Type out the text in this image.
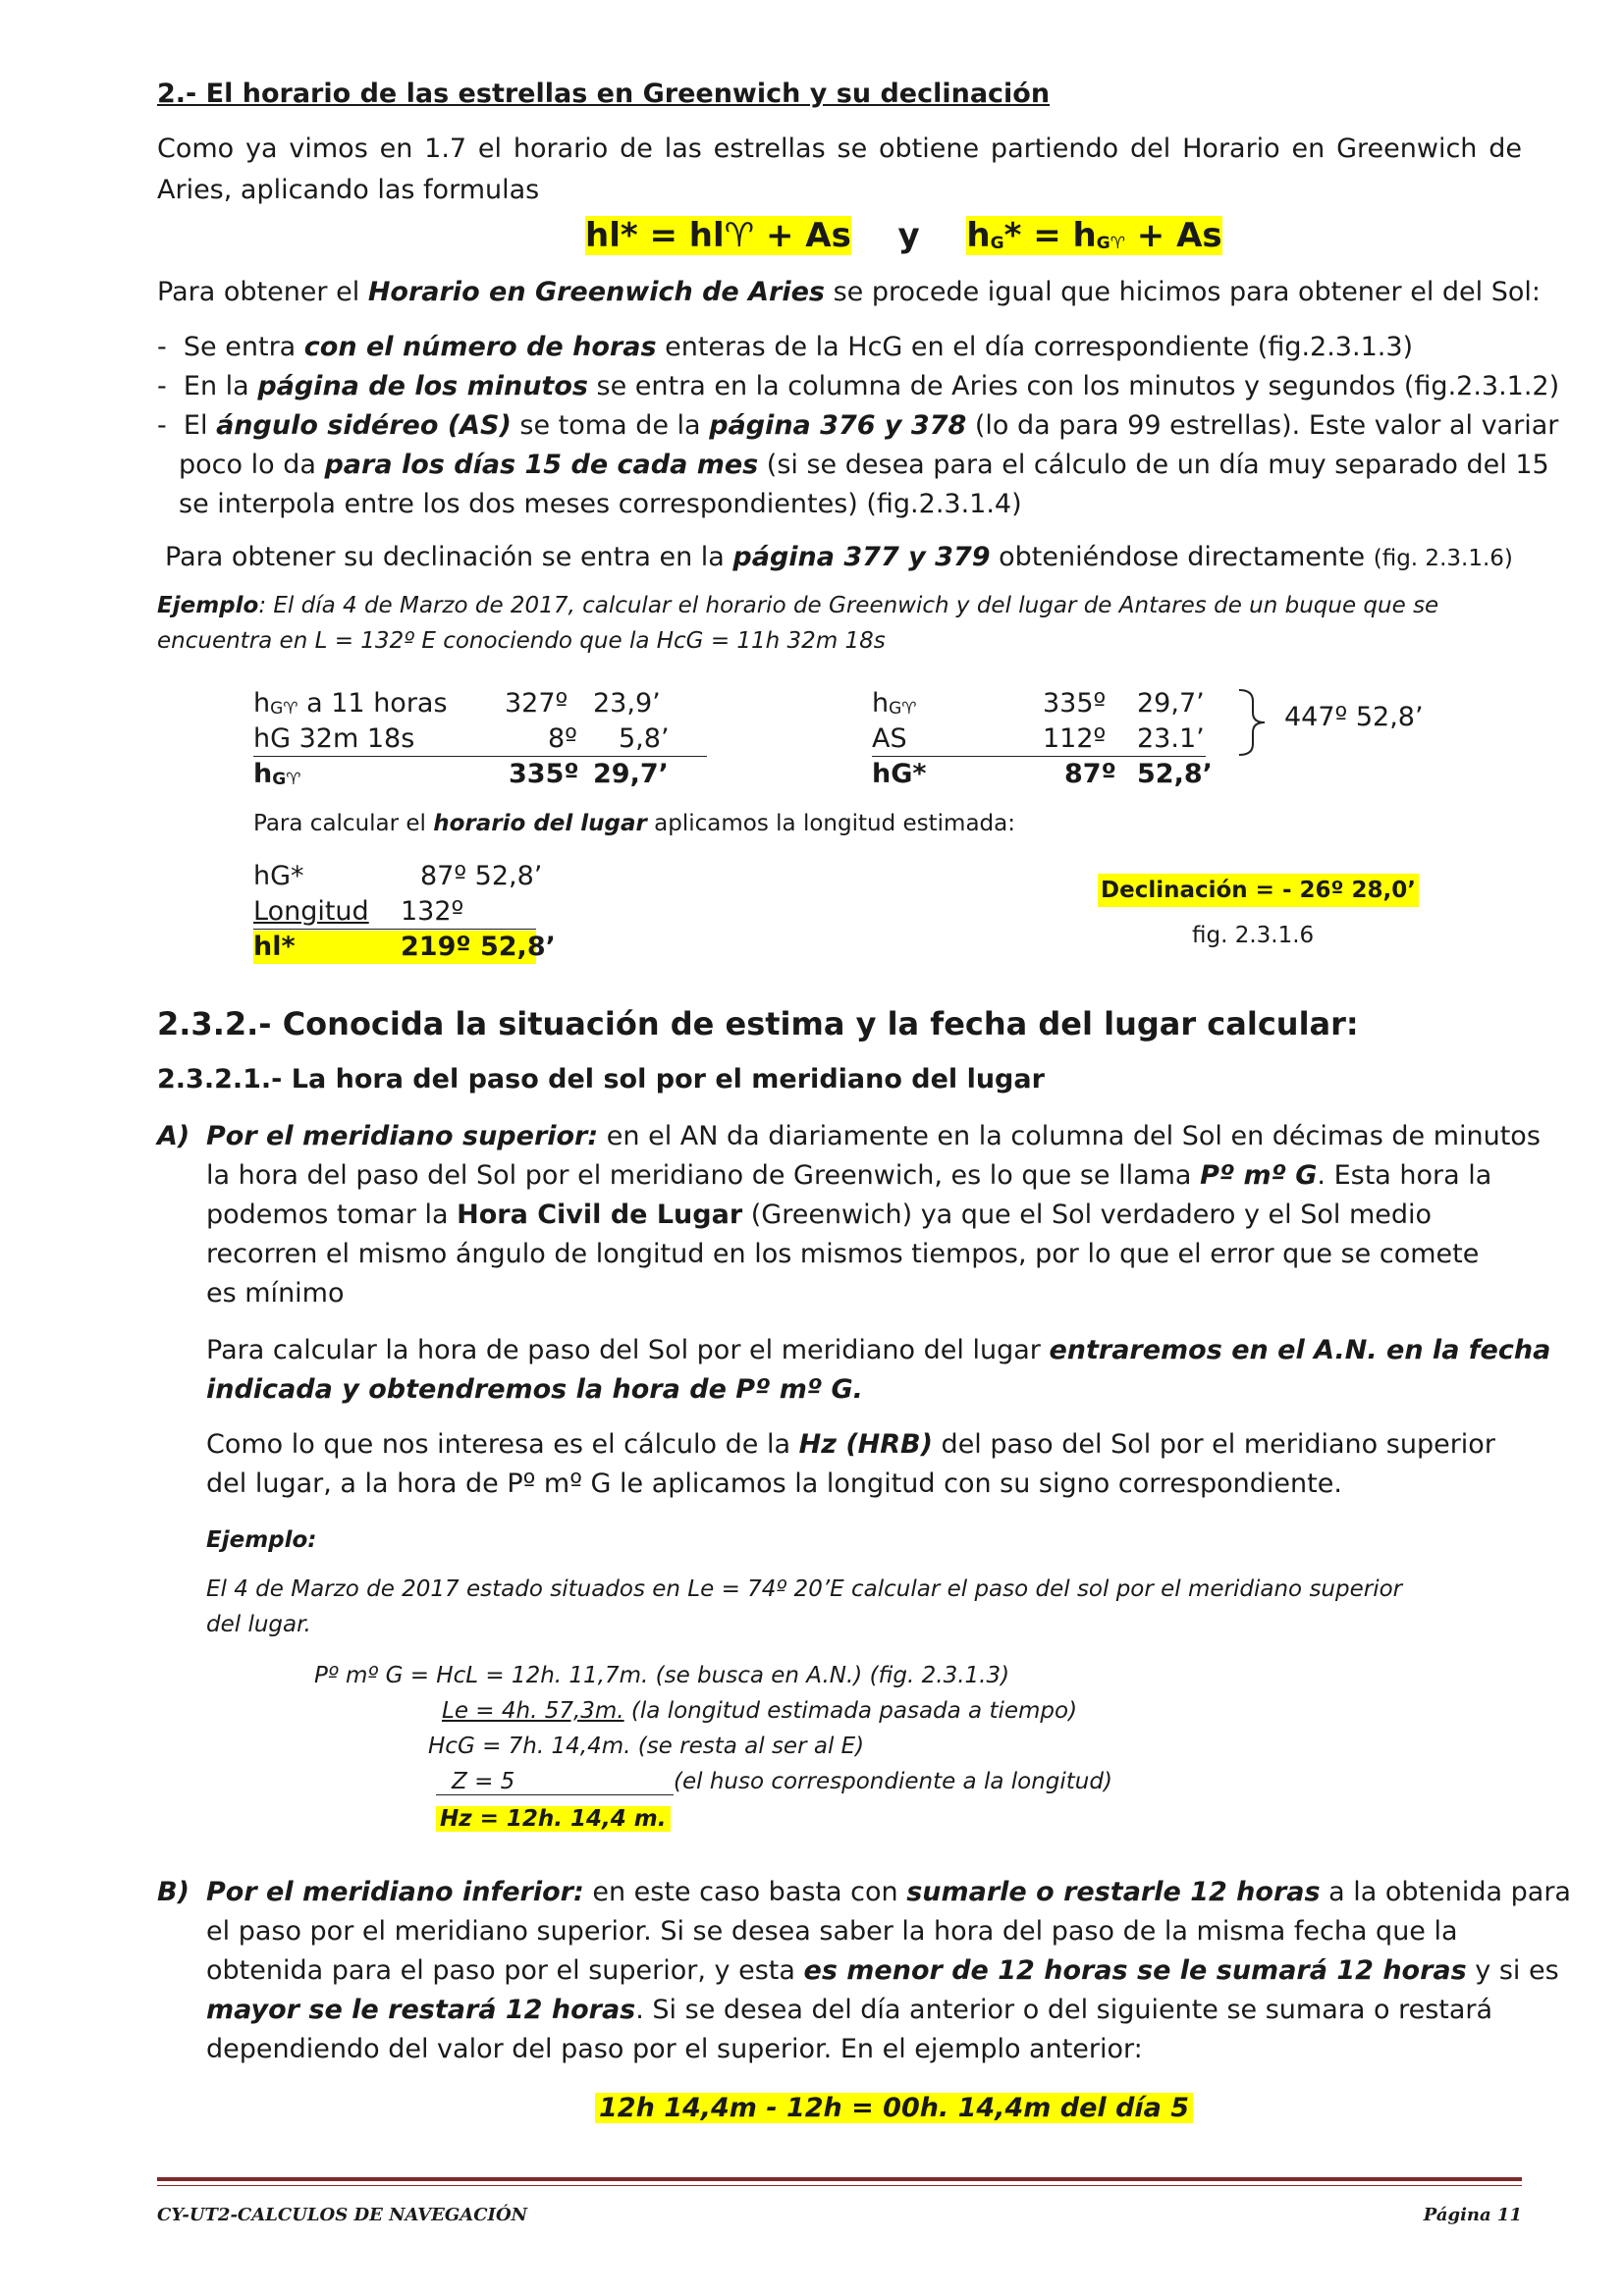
2.- El horario de las estrellas en Greenwich y su declinación

Como ya vimos en 1.7 el horario de las estrellas se obtiene partiendo del Horario en Greenwich de

Aries, aplicando las formulas
hl* = hl♈ + As y hG* = hG♈ + As
Para obtener el Horario en Greenwich de Aries se procede igual que hicimos para obtener el del Sol:
-  Se entra con el número de horas enteras de la HcG en el día correspondiente (fig.2.3.1.3)
-  En la página de los minutos se entra en la columna de Aries con los minutos y segundos (fig.2.3.1.2)
-  El ángulo sidéreo (AS) se toma de la página 376 y 378 (lo da para 99 estrellas). Este valor al variar
poco lo da para los días 15 de cada mes (si se desea para el cálculo de un día muy separado del 15
se interpola entre los dos meses correspondientes) (fig.2.3.1.4)
Para obtener su declinación se entra en la página 377 y 379 obteniéndose directamente (fig. 2.3.1.6)
Ejemplo: El día 4 de Marzo de 2017, calcular el horario de Greenwich y del lugar de Antares de un buque que se
encuentra en L = 132º E conociendo que la HcG = 11h 32m 18s
hG♈ a 11 horas 327º 23,9’
hG 32m 18s	8º 5,8’
hG♈	335º 29,7’
hG♈	335º 29,7’
AS	112º 23.1’
hG*	87º 52,8’
447º 52,8’
Para calcular el horario del lugar aplicamos la longitud estimada:
hG*	87º 52,8’
Longitud 132º
hl*	219º 52,8’
Declinación = - 26º 28,0’
fig. 2.3.1.6
2.3.2.- Conocida la situación de estima y la fecha del lugar calcular:
2.3.2.1.- La hora del paso del sol por el meridiano del lugar
A) Por el meridiano superior: en el AN da diariamente en la columna del Sol en décimas de minutos
la hora del paso del Sol por el meridiano de Greenwich, es lo que se llama Pº mº G. Esta hora la
podemos tomar la Hora Civil de Lugar (Greenwich) ya que el Sol verdadero y el Sol medio
recorren el mismo ángulo de longitud en los mismos tiempos, por lo que el error que se comete
es mínimo
Para calcular la hora de paso del Sol por el meridiano del lugar entraremos en el A.N. en la fecha
indicada y obtendremos la hora de Pº mº G.
Como lo que nos interesa es el cálculo de la Hz (HRB) del paso del Sol por el meridiano superior
del lugar, a la hora de Pº mº G le aplicamos la longitud con su signo correspondiente.
Ejemplo:
El 4 de Marzo de 2017 estado situados en Le = 74º 20’E calcular el paso del sol por el meridiano superior
del lugar.
Pº mº G = HcL = 12h. 11,7m. (se busca en A.N.) (fig. 2.3.1.3)
Le = 4h. 57,3m. (la longitud estimada pasada a tiempo)
HcG = 7h. 14,4m. (se resta al ser al E)
Z = 5	(el huso correspondiente a la longitud)
Hz = 12h. 14,4 m.
B) Por el meridiano inferior: en este caso basta con sumarle o restarle 12 horas a la obtenida para
el paso por el meridiano superior. Si se desea saber la hora del paso de la misma fecha que la
obtenida para el paso por el superior, y esta es menor de 12 horas se le sumará 12 horas y si es
mayor se le restará 12 horas. Si se desea del día anterior o del siguiente se sumara o restará
dependiendo del valor del paso por el superior. En el ejemplo anterior:
12h 14,4m - 12h = 00h. 14,4m del día 5
CY-UT2-CALCULOS DE NAVEGACIÓN	Página 11
